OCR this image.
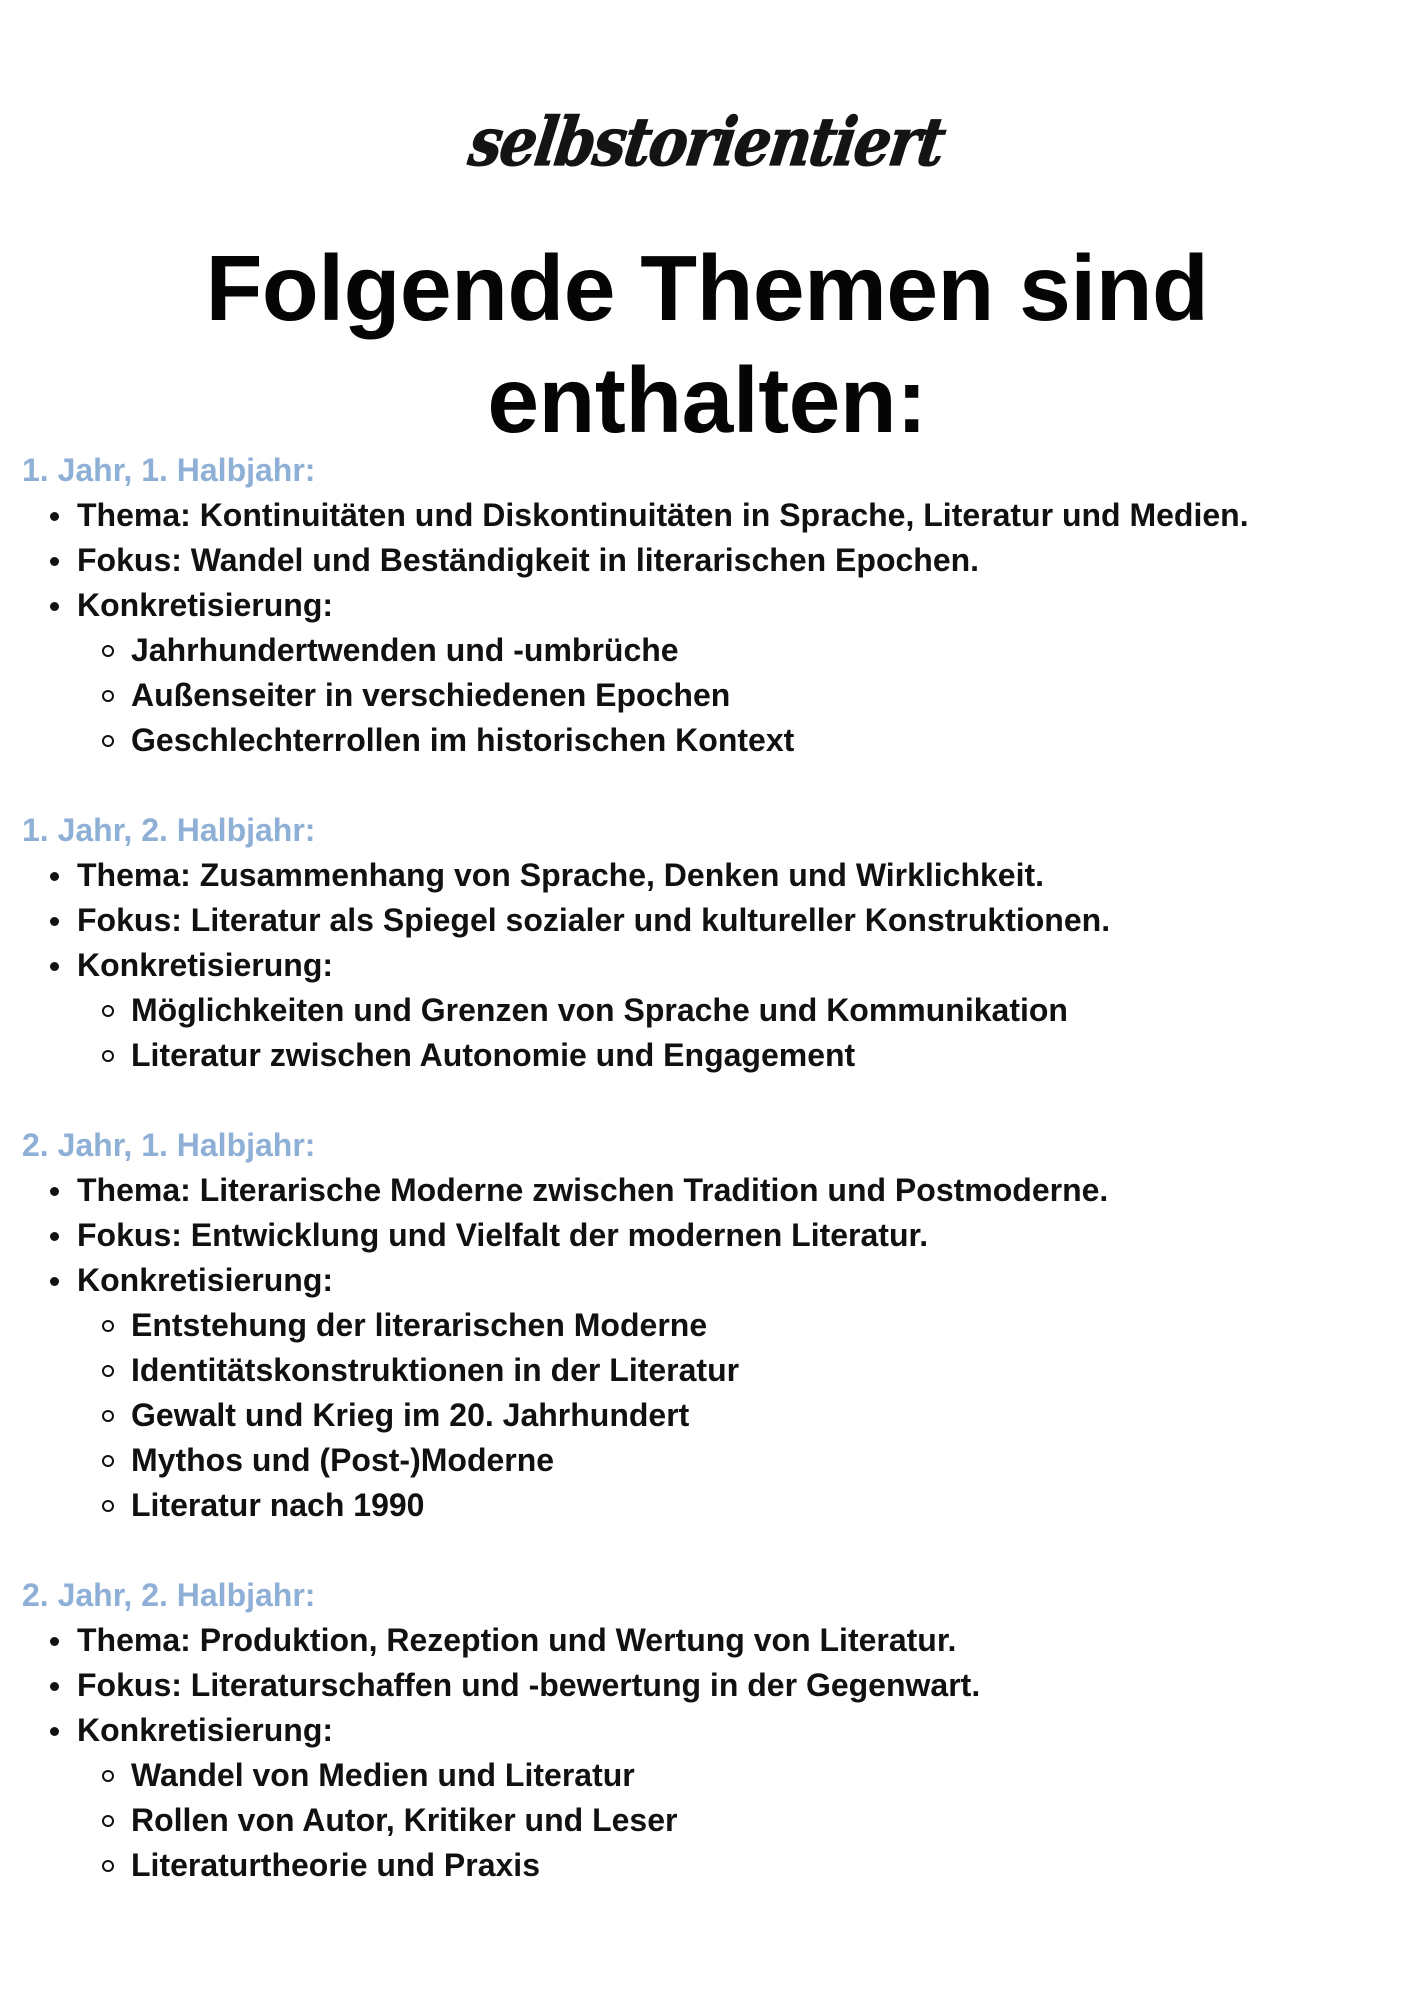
selbstorientiert
Folgende Themen sind enthalten:
1. Jahr, 1. Halbjahr:
Thema: Kontinuitäten und Diskontinuitäten in Sprache, Literatur und Medien.
Fokus: Wandel und Beständigkeit in literarischen Epochen.
Konkretisierung:
Jahrhundertwenden und -umbrüche
Außenseiter in verschiedenen Epochen
Geschlechterrollen im historischen Kontext
1. Jahr, 2. Halbjahr:
Thema: Zusammenhang von Sprache, Denken und Wirklichkeit.
Fokus: Literatur als Spiegel sozialer und kultureller Konstruktionen.
Konkretisierung:
Möglichkeiten und Grenzen von Sprache und Kommunikation
Literatur zwischen Autonomie und Engagement
2. Jahr, 1. Halbjahr:
Thema: Literarische Moderne zwischen Tradition und Postmoderne.
Fokus: Entwicklung und Vielfalt der modernen Literatur.
Konkretisierung:
Entstehung der literarischen Moderne
Identitätskonstruktionen in der Literatur
Gewalt und Krieg im 20. Jahrhundert
Mythos und (Post-)Moderne
Literatur nach 1990
2. Jahr, 2. Halbjahr:
Thema: Produktion, Rezeption und Wertung von Literatur.
Fokus: Literaturschaffen und -bewertung in der Gegenwart.
Konkretisierung:
Wandel von Medien und Literatur
Rollen von Autor, Kritiker und Leser
Literaturtheorie und Praxis
